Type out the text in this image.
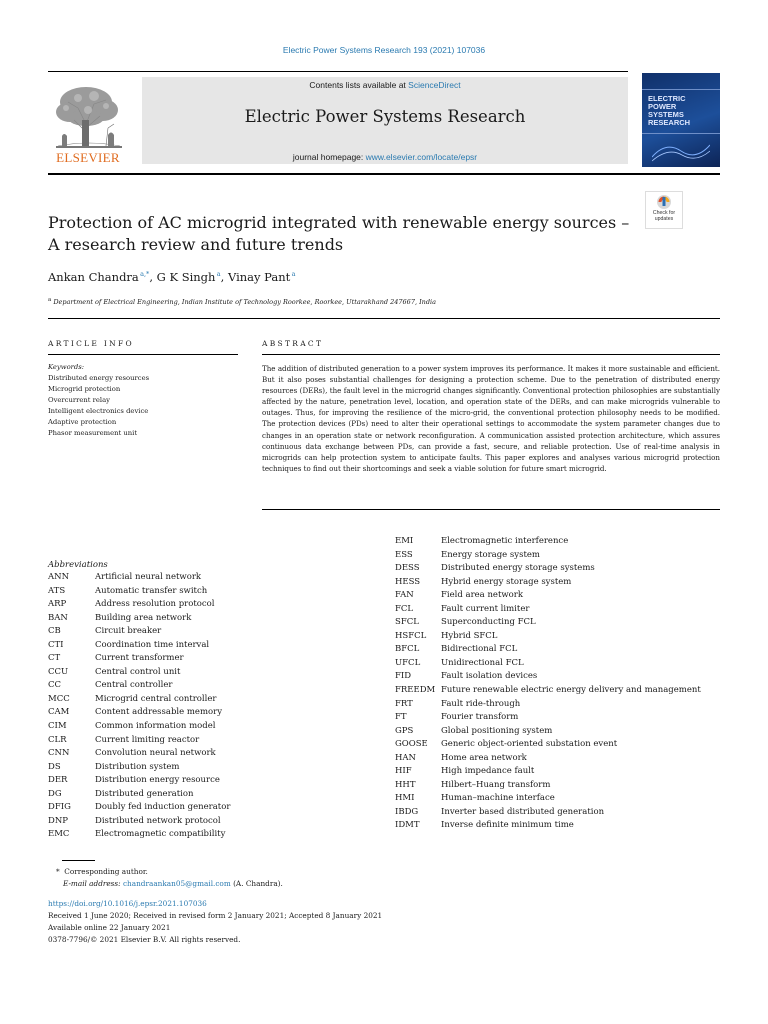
Electric Power Systems Research 193 (2021) 107036
ELSEVIER
Contents lists available at ScienceDirect
Electric Power Systems Research
journal homepage: www.elsevier.com/locate/epsr
ELECTRIC
POWER
SYSTEMS
RESEARCH
Protection of AC microgrid integrated with renewable energy sources – A research review and future trends
Check for
updates
Ankan Chandra $^{a,*}$, G K Singh $^a$, Vinay Pant $^a$
$^a$ Department of Electrical Engineering, Indian Institute of Technology Roorkee, Roorkee, Uttarakhand 247667, India
ARTICLE INFO	ABSTRACT
Keywords:
Distributed energy resources
Microgrid protection
Overcurrent relay
Intelligent electronics device
Adaptive protection
Phasor measurement unit
The addition of distributed generation to a power system improves its performance. It makes it more sustainable and efficient. But it also poses substantial challenges for designing a protection scheme. Due to the penetration of distributed energy resources (DERs), the fault level in the microgrid changes significantly. Conventional protection philosophies are substantially affected by the nature, penetration level, location, and operation state of the DERs, and can make microgrids vulnerable to outages. Thus, for improving the resilience of the micro-grid, the conventional protection philosophy needs to be modified. The protection devices (PDs) need to alter their operational settings to accommodate the system parameter changes due to changes in an operation state or network reconfiguration. A communication assisted protection architecture, which assures continuous data exchange between PDs, can provide a fast, secure, and reliable protection. Use of real-time analysis in microgrids can help protection system to anticipate faults. This paper explores and analyses various microgrid protection techniques to find out their shortcomings and seek a viable solution for future smart microgrid.
Abbreviations
ANN	Artificial neural network
ATS	Automatic transfer switch
ARP	Address resolution protocol
BAN	Building area network
CB	Circuit breaker
CTI	Coordination time interval
CT	Current transformer
CCU	Central control unit
CC	Central controller
MCC	Microgrid central controller
CAM	Content addressable memory
CIM	Common information model
CLR	Current limiting reactor
CNN	Convolution neural network
DS	Distribution system
DER	Distribution energy resource
DG	Distributed generation
DFIG	Doubly fed induction generator
DNP	Distributed network protocol
EMC	Electromagnetic compatibility
EMI	Electromagnetic interference
ESS	Energy storage system
DESS	Distributed energy storage systems
HESS Hybrid energy storage system
FAN	Field area network
FCL	Fault current limiter
SFCL	Superconducting FCL
HSFCL Hybrid SFCL
BFCL	Bidirectional FCL
UFCL Unidirectional FCL
FID	Fault isolation devices
FREEDM Future renewable electric energy delivery and management
FRT	Fault ride-through
FT	Fourier transform
GPS	Global positioning system
GOOSE Generic object-oriented substation event
HAN	Home area network
HIF	High impedance fault
HHT	Hilbert–Huang transform
HMI	Human–machine interface
IBDG	Inverter based distributed generation
IDMT	Inverse definite minimum time
* Corresponding author.
E-mail address: chandraankan05@gmail.com (A. Chandra).
https://doi.org/10.1016/j.epsr.2021.107036
Received 1 June 2020; Received in revised form 2 January 2021; Accepted 8 January 2021
Available online 22 January 2021
0378-7796/© 2021 Elsevier B.V. All rights reserved.
